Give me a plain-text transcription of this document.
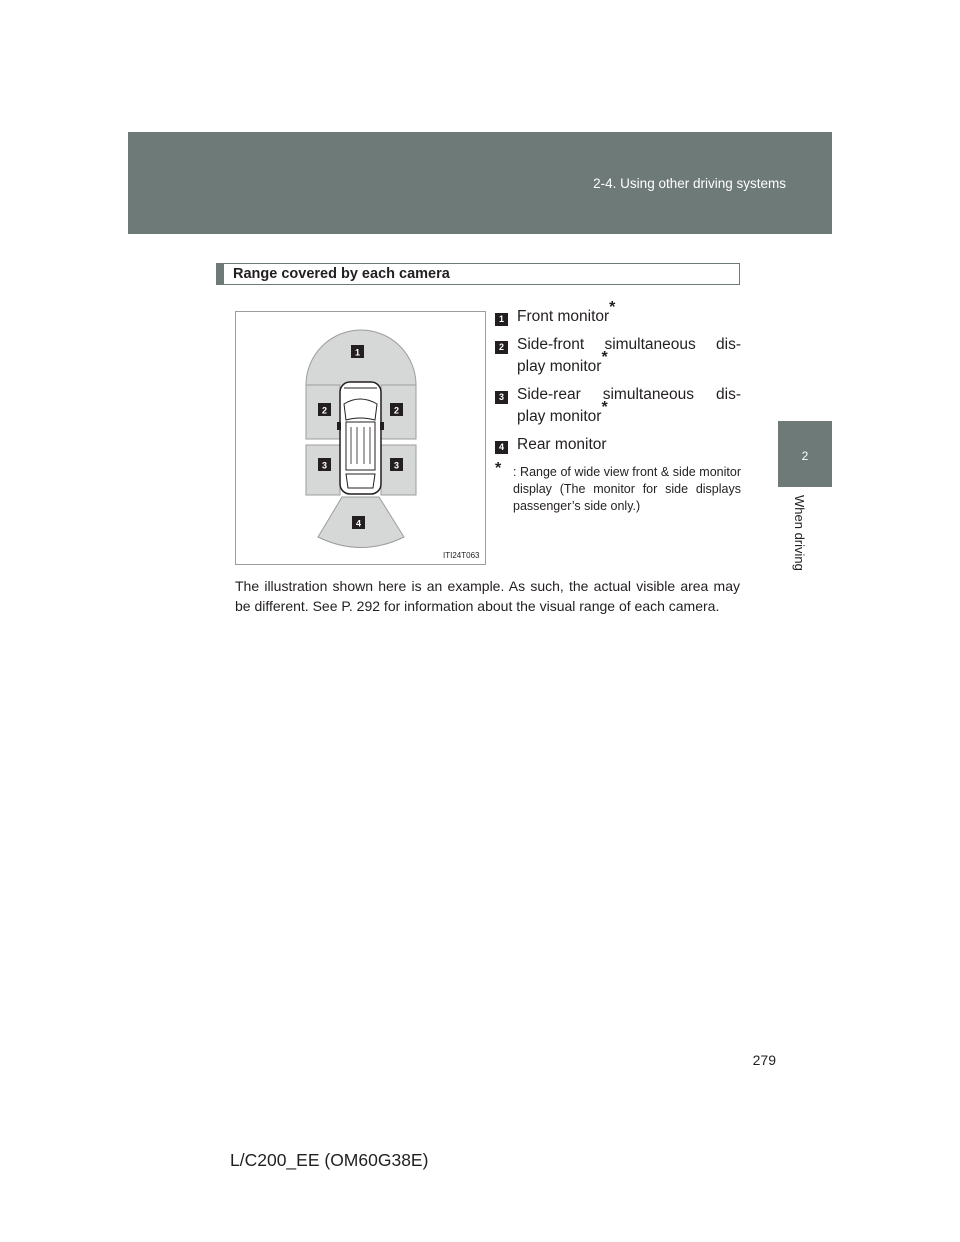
2-4. Using other driving systems
2
When driving
Range covered by each camera
1
2	2
3	3
4
ITI24T063
1 Front monitor*
2 Side-front simultaneous dis-
play monitor*
3 Side-rear simultaneous dis-
play monitor*
4 Rear monitor
* : Range of wide view front & side monitor display (The monitor for side displays passenger’s side only.)
The illustration shown here is an example. As such, the actual visible area may be different. See P. 292 for information about the visual range of each camera.
279
L/C200_EE (OM60G38E)
